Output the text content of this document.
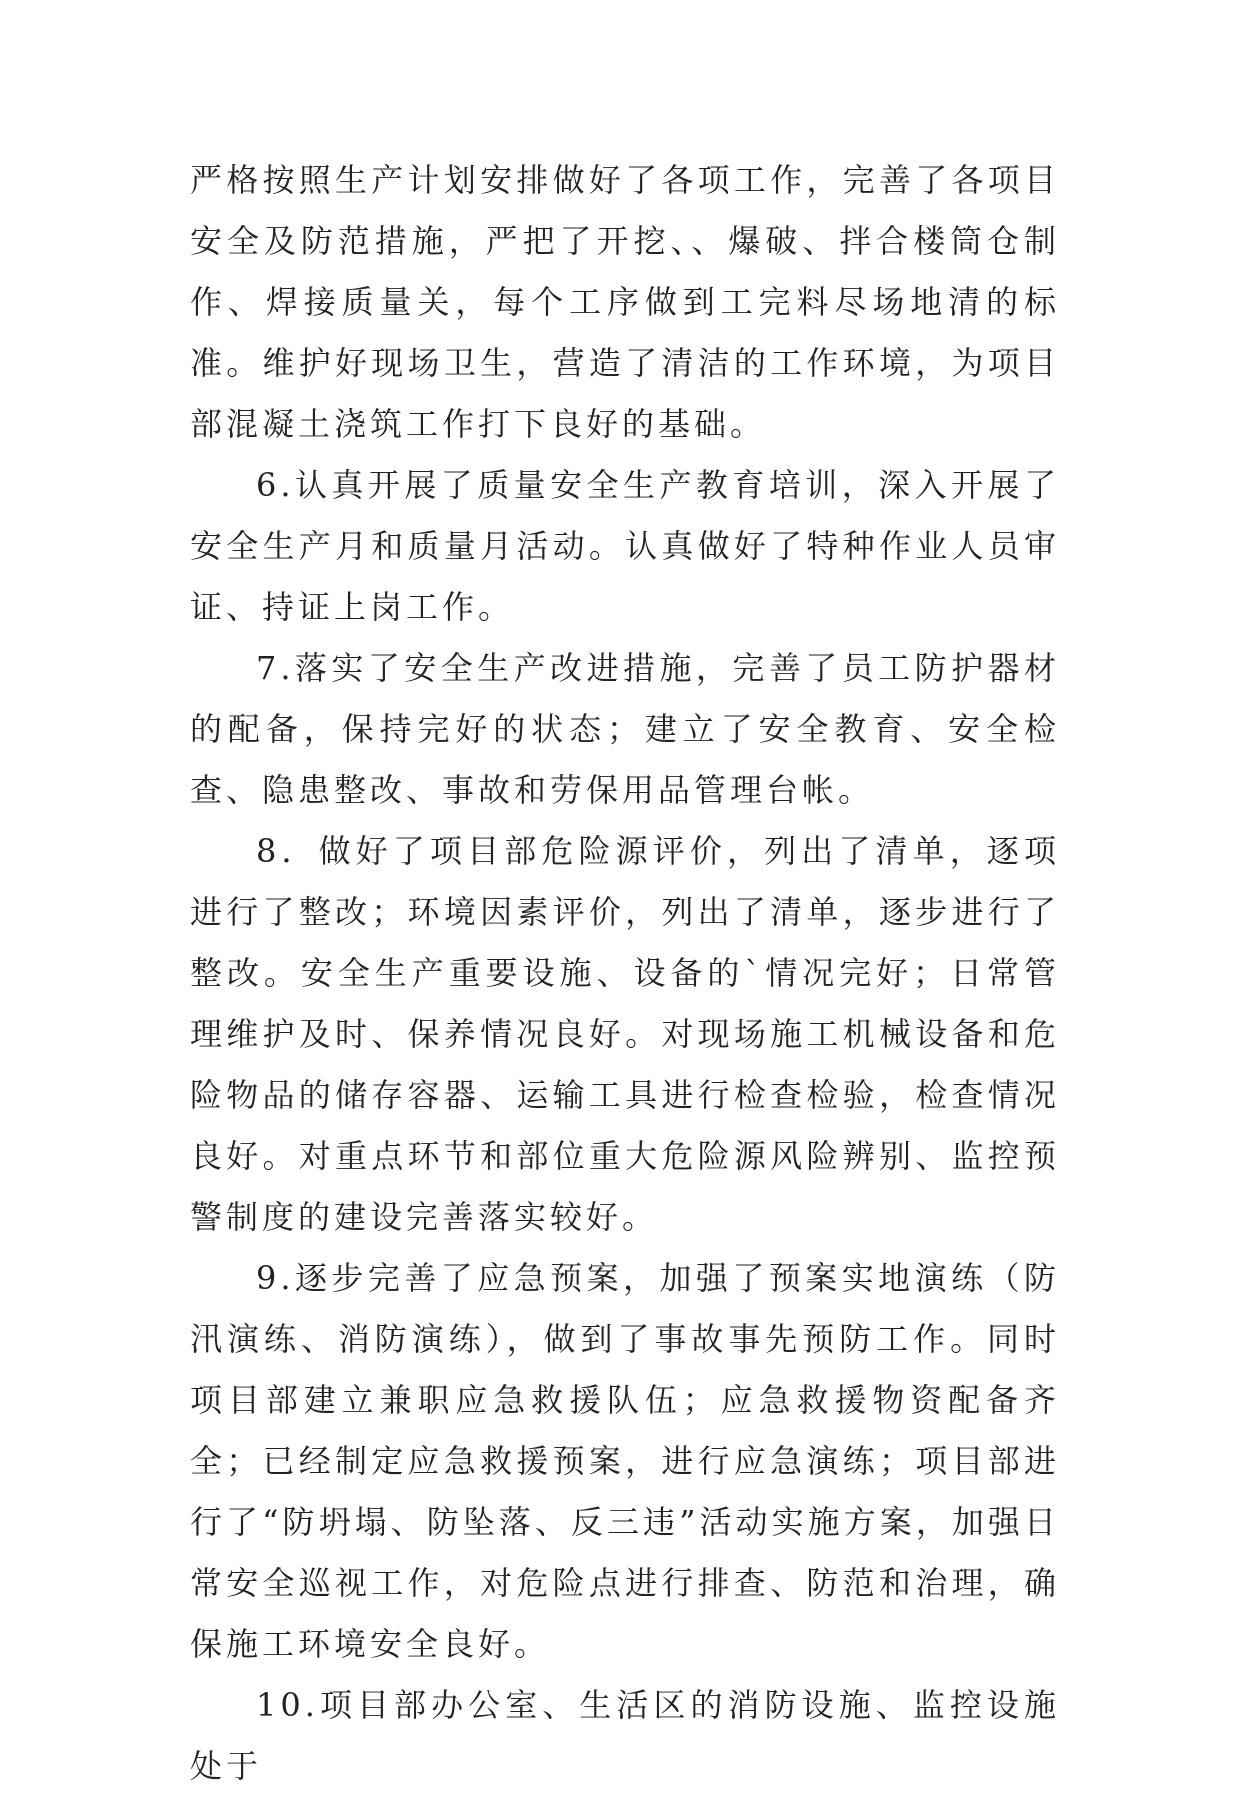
严格按照生产计划安排做好了各项工作，完善了各项目安全及防范措施，严把了开挖、、爆破、拌合楼筒仓制作、焊接质量关，每个工序做到工完料尽场地清的标准。维护好现场卫生，营造了清洁的工作环境，为项目部混凝土浇筑工作打下良好的基础。

6.认真开展了质量安全生产教育培训，深入开展了安全生产月和质量月活动。认真做好了特种作业人员审证、持证上岗工作。

7.落实了安全生产改进措施，完善了员工防护器材的配备，保持完好的状态；建立了安全教育、安全检查、隐患整改、事故和劳保用品管理台帐。

8．做好了项目部危险源评价，列出了清单，逐项进行了整改；环境因素评价，列出了清单，逐步进行了整改。安全生产重要设施、设备的`情况完好；日常管理维护及时、保养情况良好。对现场施工机械设备和危险物品的储存容器、运输工具进行检查检验，检查情况良好。对重点环节和部位重大危险源风险辨别、监控预警制度的建设完善落实较好。

9.逐步完善了应急预案，加强了预案实地演练（防汛演练、消防演练），做到了事故事先预防工作。同时项目部建立兼职应急救援队伍；应急救援物资配备齐全；已经制定应急救援预案，进行应急演练；项目部进行了“防坍塌、防坠落、反三违”活动实施方案，加强日常安全巡视工作，对危险点进行排查、防范和治理，确保施工环境安全良好。

10.项目部办公室、生活区的消防设施、监控设施处于
